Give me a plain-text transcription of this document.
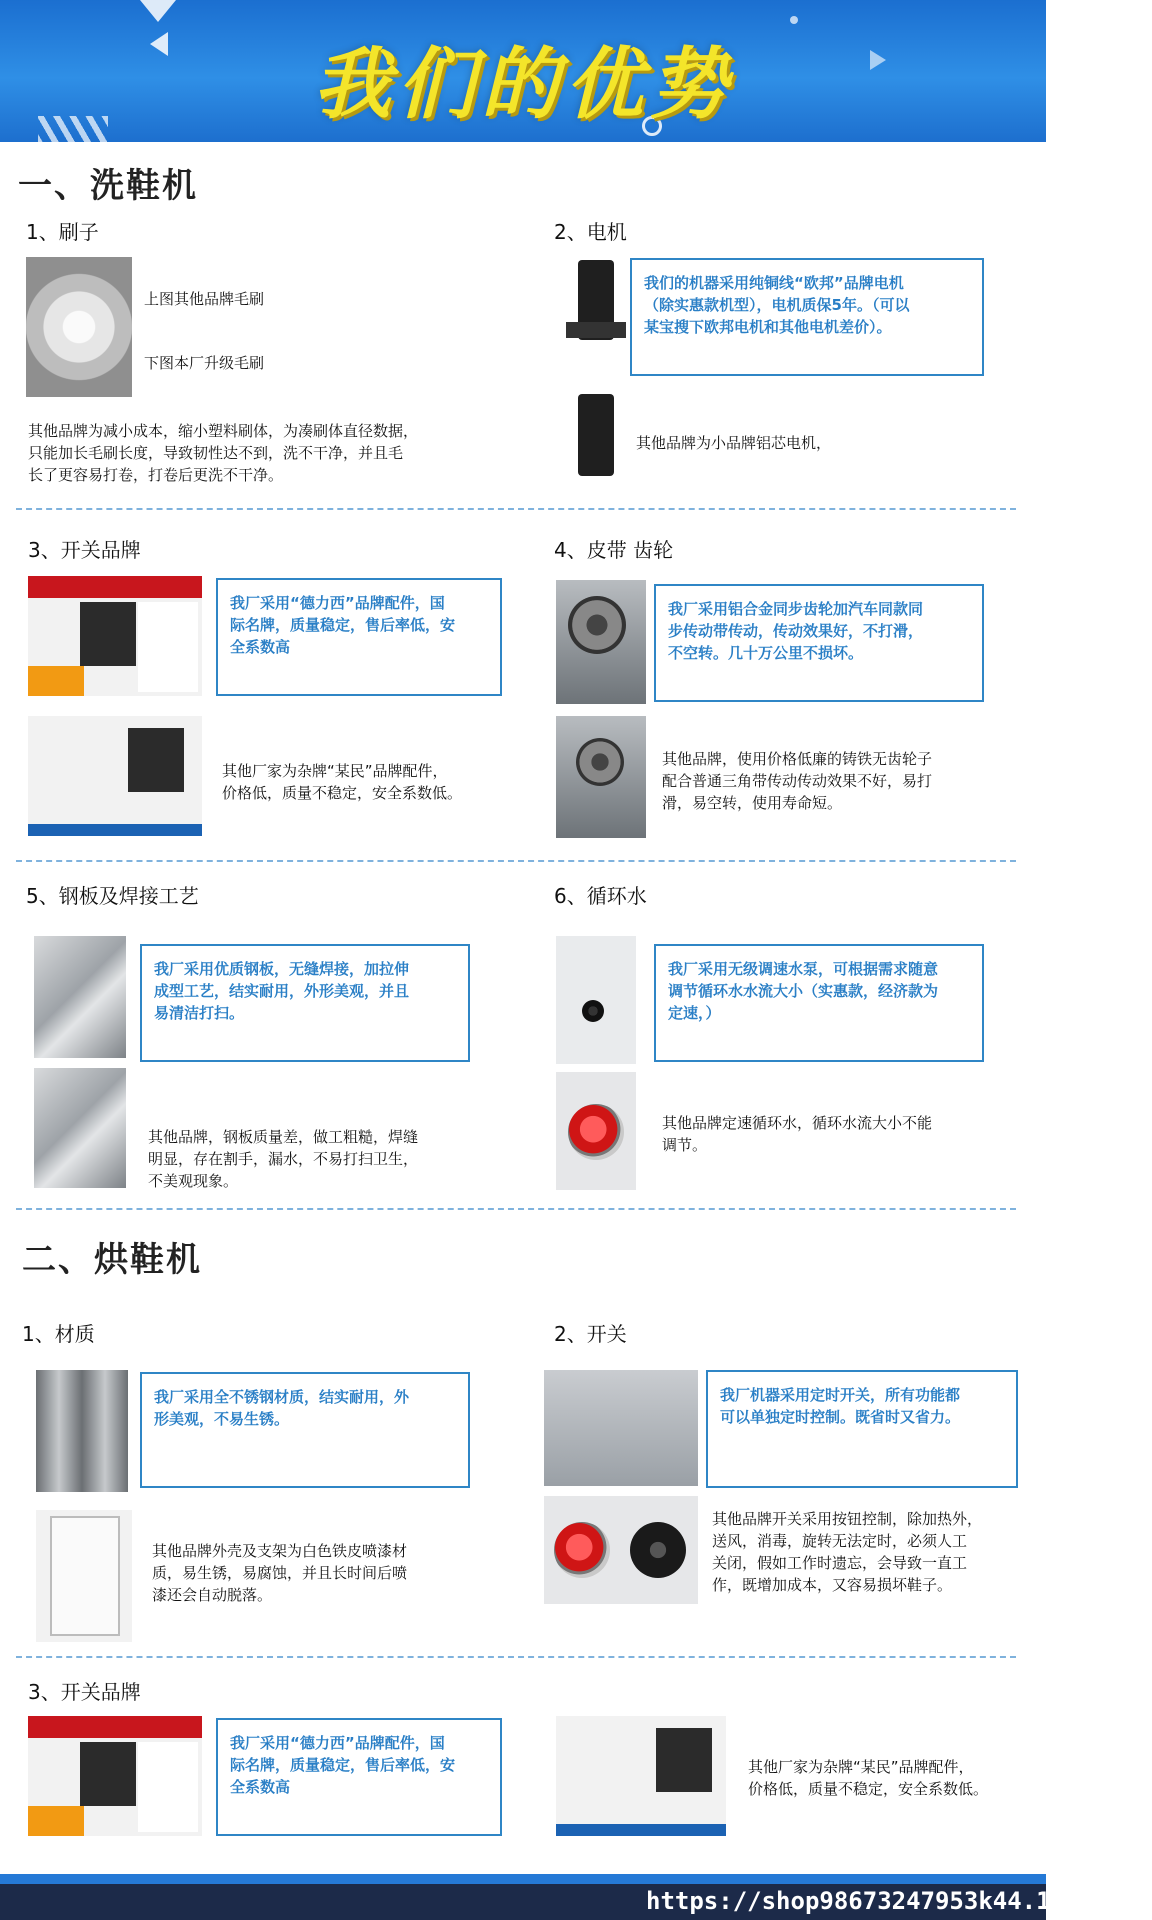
我们的优势
一、洗鞋机
1、刷子
上图其他品牌毛刷
下图本厂升级毛刷
其他品牌为减小成本，缩小塑料刷体，为凑刷体直径数据，
只能加长毛刷长度，导致韧性达不到，洗不干净，并且毛
长了更容易打卷，打卷后更洗不干净。
2、电机
我们的机器采用纯铜线“欧邦”品牌电机
（除实惠款机型），电机质保5年。（可以
某宝搜下欧邦电机和其他电机差价）。
其他品牌为小品牌铝芯电机，
3、开关品牌
我厂采用“德力西”品牌配件，国
际名牌，质量稳定，售后率低，安
全系数高
其他厂家为杂牌“某民”品牌配件，
价格低，质量不稳定，安全系数低。
4、皮带 齿轮
我厂采用铝合金同步齿轮加汽车同款同
步传动带传动，传动效果好，不打滑，
不空转。几十万公里不损坏。
其他品牌，使用价格低廉的铸铁无齿轮子
配合普通三角带传动传动效果不好，易打
滑，易空转，使用寿命短。
5、钢板及焊接工艺
我厂采用优质钢板，无缝焊接，加拉伸
成型工艺，结实耐用，外形美观，并且
易清洁打扫。
其他品牌，钢板质量差，做工粗糙，焊缝
明显，存在割手，漏水，不易打扫卫生，
不美观现象。
6、循环水
我厂采用无级调速水泵，可根据需求随意
调节循环水水流大小（实惠款，经济款为
定速，）
其他品牌定速循环水，循环水流大小不能
调节。
二、烘鞋机
1、材质
我厂采用全不锈钢材质，结实耐用，外
形美观，不易生锈。
其他品牌外壳及支架为白色铁皮喷漆材
质，易生锈，易腐蚀，并且长时间后喷
漆还会自动脱落。
2、开关
我厂机器采用定时开关，所有功能都
可以单独定时控制。既省时又省力。
其他品牌开关采用按钮控制，除加热外，
送风，消毒，旋转无法定时，必须人工
关闭，假如工作时遗忘，会导致一直工
作，既增加成本，又容易损坏鞋子。
3、开关品牌
我厂采用“德力西”品牌配件，国
际名牌，质量稳定，售后率低，安
全系数高
其他厂家为杂牌“某民”品牌配件，
价格低，质量不稳定，安全系数低。
https://shop98673247953k44.1688.com
